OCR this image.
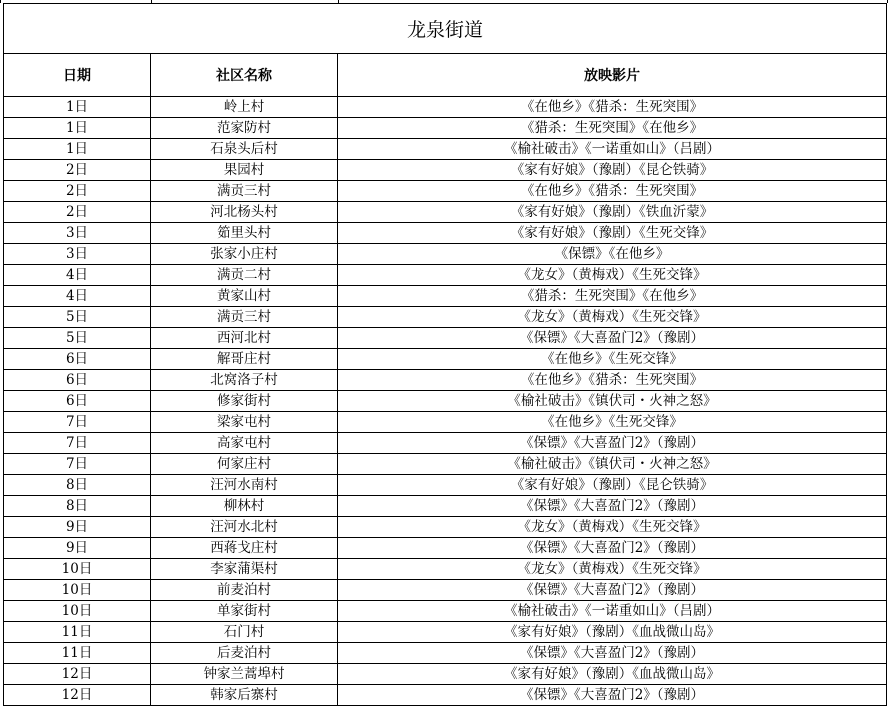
龙泉街道		
日期	社区名称	放映影片
1日	岭上村	《在他乡》《猎杀：生死突围》
1日	范家防村	《猎杀：生死突围》《在他乡》
1日	石泉头后村	《榆社破击》《一诺重如山》（吕剧）
2日	果园村	《家有好娘》（豫剧）《昆仑铁骑》
2日	满贡三村	《在他乡》《猎杀：生死突围》
2日	河北杨头村	《家有好娘》（豫剧）《铁血沂蒙》
3日	筎里头村	《家有好娘》（豫剧）《生死交锋》
3日	张家小庄村	《保镖》《在他乡》
4日	满贡二村	《龙女》（黄梅戏）《生死交锋》
4日	黄家山村	《猎杀：生死突围》《在他乡》
5日	满贡三村	《龙女》（黄梅戏）《生死交锋》
5日	西河北村	《保镖》《大喜盈门2》（豫剧）
6日	解哥庄村	《在他乡》《生死交锋》
6日	北窝洛子村	《在他乡》《猎杀：生死突围》
6日	修家街村	《榆社破击》《镇伏司・火神之怒》
7日	梁家屯村	《在他乡》《生死交锋》
7日	高家屯村	《保镖》《大喜盈门2》（豫剧）
7日	何家庄村	《榆社破击》《镇伏司・火神之怒》
8日	汪河水南村	《家有好娘》（豫剧）《昆仑铁骑》
8日	柳林村	《保镖》《大喜盈门2》（豫剧）
9日	汪河水北村	《龙女》（黄梅戏）《生死交锋》
9日	西蒋戈庄村	《保镖》《大喜盈门2》（豫剧）
10日	李家蒲渠村	《龙女》（黄梅戏）《生死交锋》
10日	前麦泊村	《保镖》《大喜盈门2》（豫剧）
10日	单家街村	《榆社破击》《一诺重如山》（吕剧）
11日	石门村	《家有好娘》（豫剧）《血战微山岛》
11日	后麦泊村	《保镖》《大喜盈门2》（豫剧）
12日	钟家兰蒿埠村	《家有好娘》（豫剧）《血战微山岛》
12日	韩家后寨村	《保镖》《大喜盈门2》（豫剧）
